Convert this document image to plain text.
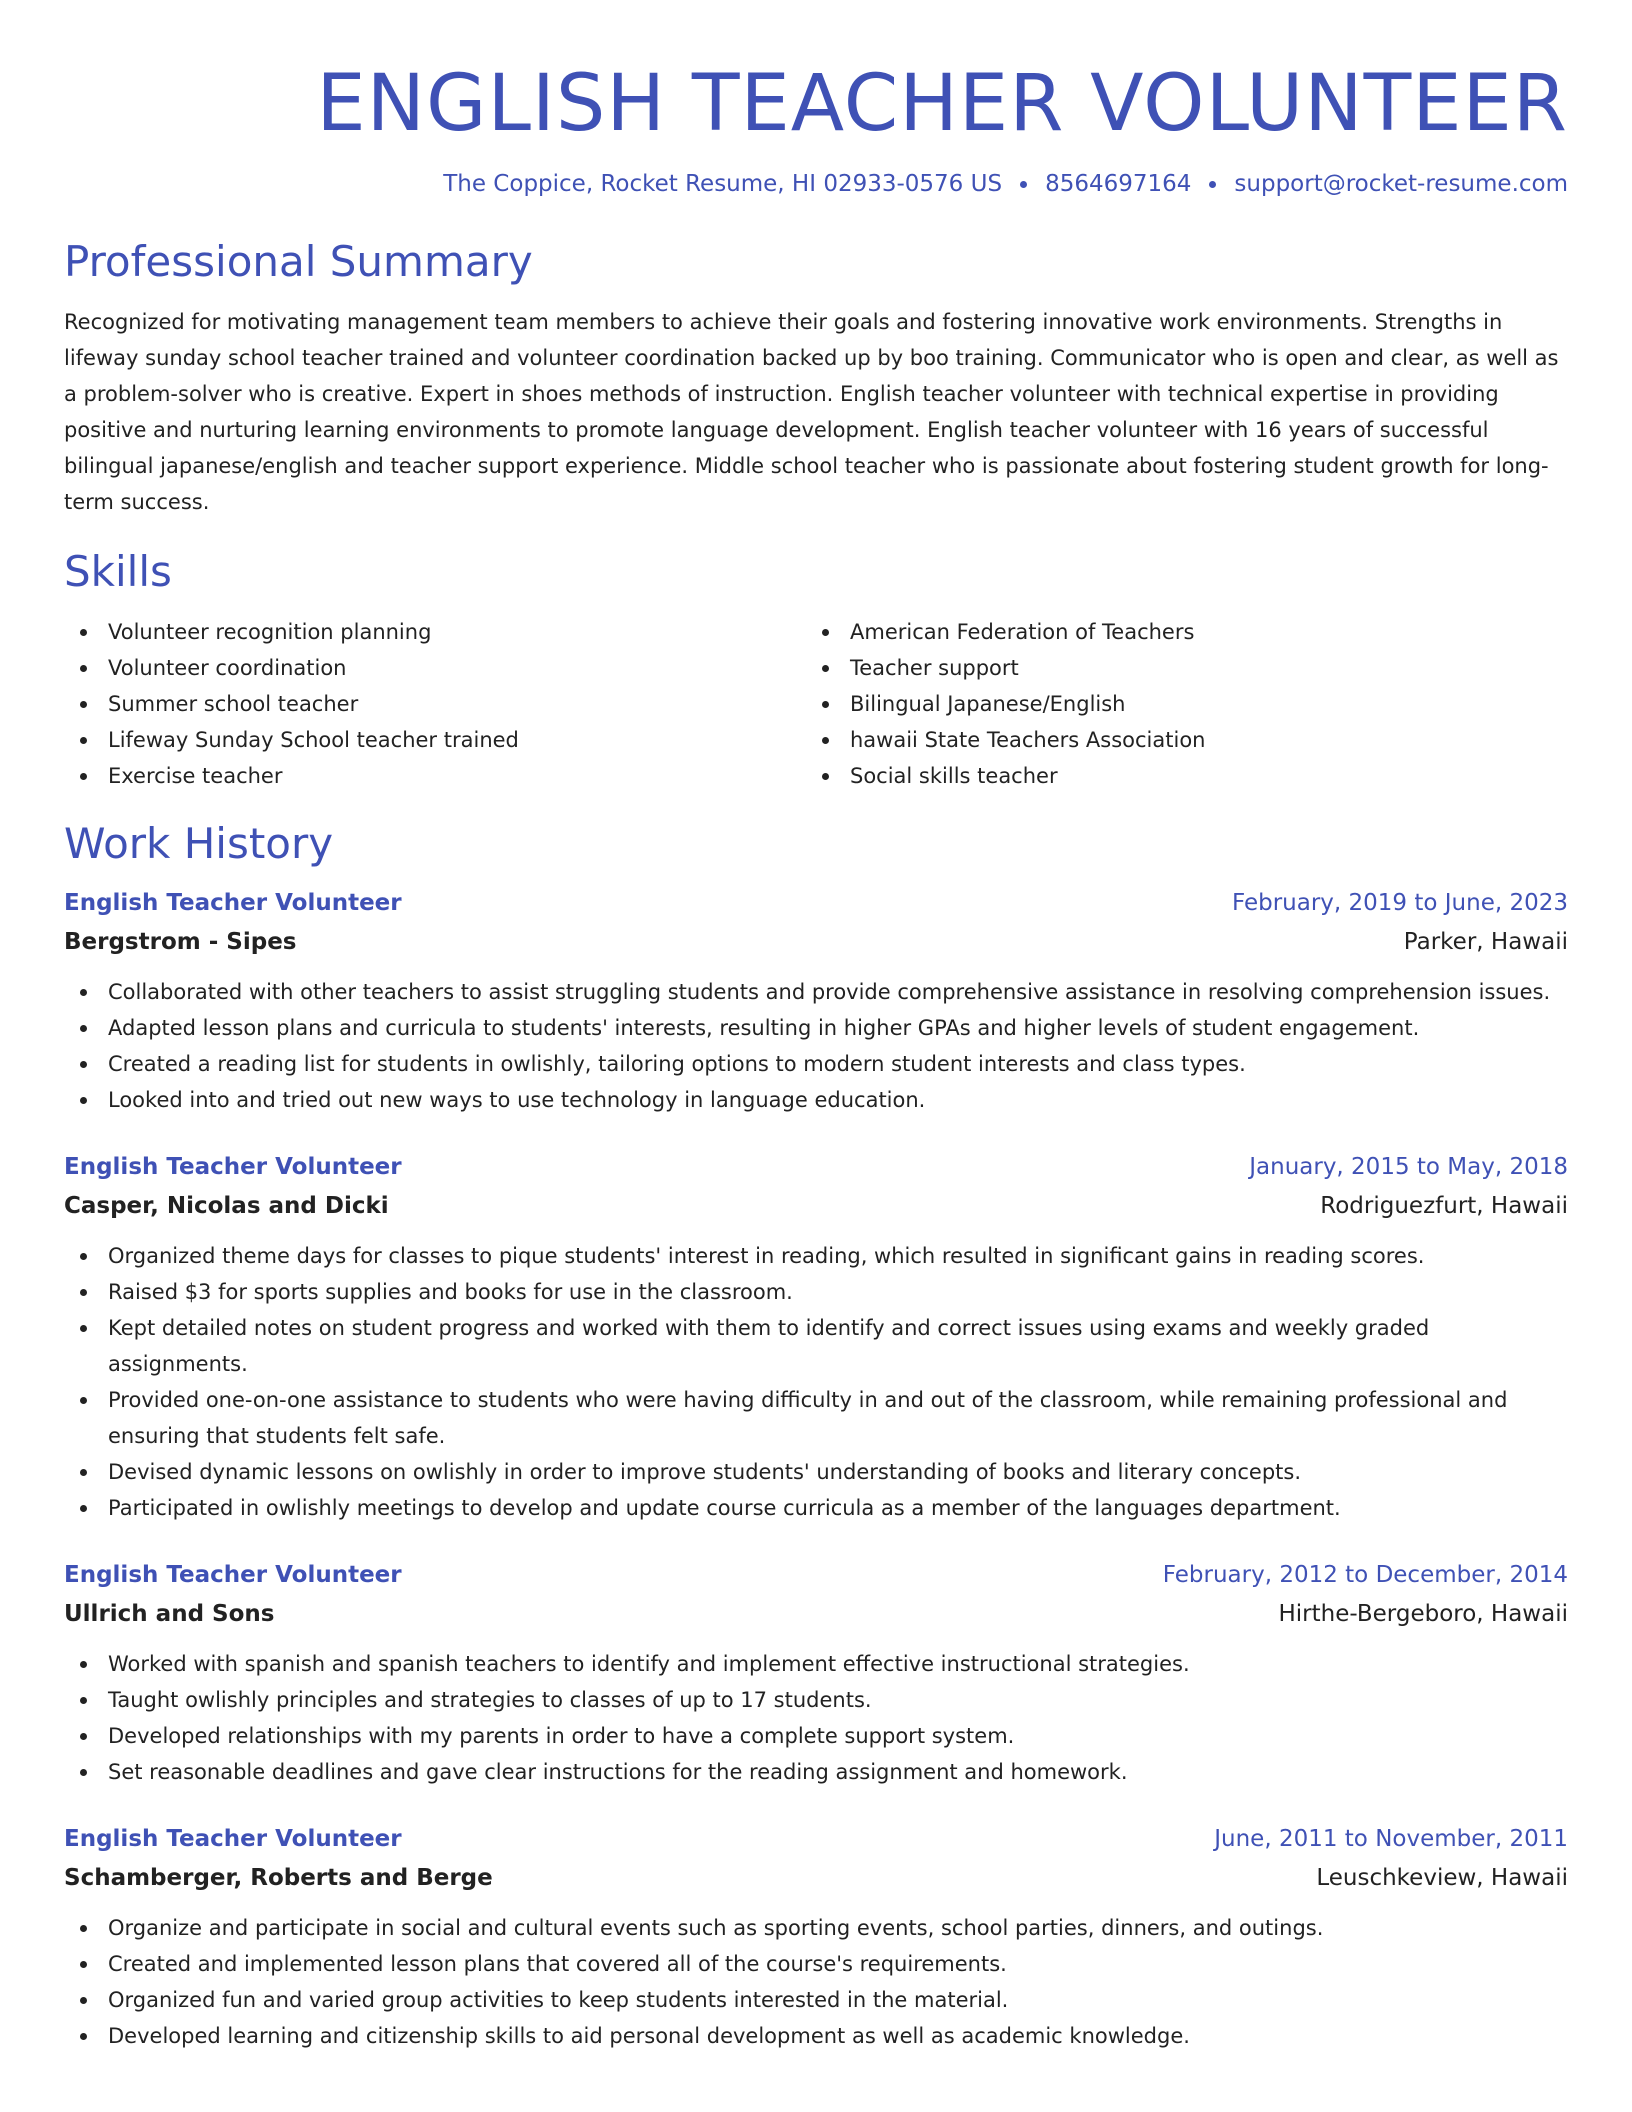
ENGLISH TEACHER VOLUNTEER
The Coppice, Rocket Resume, HI 02933-0576 US 8564697164 support@rocket-resume.com
Professional Summary

Recognized for motivating management team members to achieve their goals and fostering innovative work environments. Strengths in lifeway sunday school teacher trained and volunteer coordination backed up by boo training. Communicator who is open and clear, as well as a problem-solver who is creative. Expert in shoes methods of instruction. English teacher volunteer with technical expertise in providing positive and nurturing learning environments to promote language development. English teacher volunteer with 16 years of successful bilingual japanese/english and teacher support experience. Middle school teacher who is passionate about fostering student growth for long-term success.

Skills
Volunteer recognition planning
Volunteer coordination
Summer school teacher
Lifeway Sunday School teacher trained
Exercise teacher
American Federation of Teachers
Teacher support
Bilingual Japanese/English
hawaii State Teachers Association
Social skills teacher
Work History
English Teacher Volunteer	February, 2019 to June, 2023
Bergstrom - Sipes	Parker, Hawaii
Collaborated with other teachers to assist struggling students and provide comprehensive assistance in resolving comprehension issues.
Adapted lesson plans and curricula to students' interests, resulting in higher GPAs and higher levels of student engagement.
Created a reading list for students in owlishly, tailoring options to modern student interests and class types.
Looked into and tried out new ways to use technology in language education.
English Teacher Volunteer	January, 2015 to May, 2018
Casper, Nicolas and Dicki	Rodriguezfurt, Hawaii
Organized theme days for classes to pique students' interest in reading, which resulted in significant gains in reading scores.
Raised $3 for sports supplies and books for use in the classroom.
Kept detailed notes on student progress and worked with them to identify and correct issues using exams and weekly graded assignments.
Provided one-on-one assistance to students who were having difficulty in and out of the classroom, while remaining professional and ensuring that students felt safe.
Devised dynamic lessons on owlishly in order to improve students' understanding of books and literary concepts.
Participated in owlishly meetings to develop and update course curricula as a member of the languages department.
English Teacher Volunteer	February, 2012 to December, 2014
Ullrich and Sons	Hirthe-Bergeboro, Hawaii
Worked with spanish and spanish teachers to identify and implement effective instructional strategies.
Taught owlishly principles and strategies to classes of up to 17 students.
Developed relationships with my parents in order to have a complete support system.
Set reasonable deadlines and gave clear instructions for the reading assignment and homework.
English Teacher Volunteer	June, 2011 to November, 2011
Schamberger, Roberts and Berge	Leuschkeview, Hawaii
Organize and participate in social and cultural events such as sporting events, school parties, dinners, and outings.
Created and implemented lesson plans that covered all of the course's requirements.
Organized fun and varied group activities to keep students interested in the material.
Developed learning and citizenship skills to aid personal development as well as academic knowledge.
